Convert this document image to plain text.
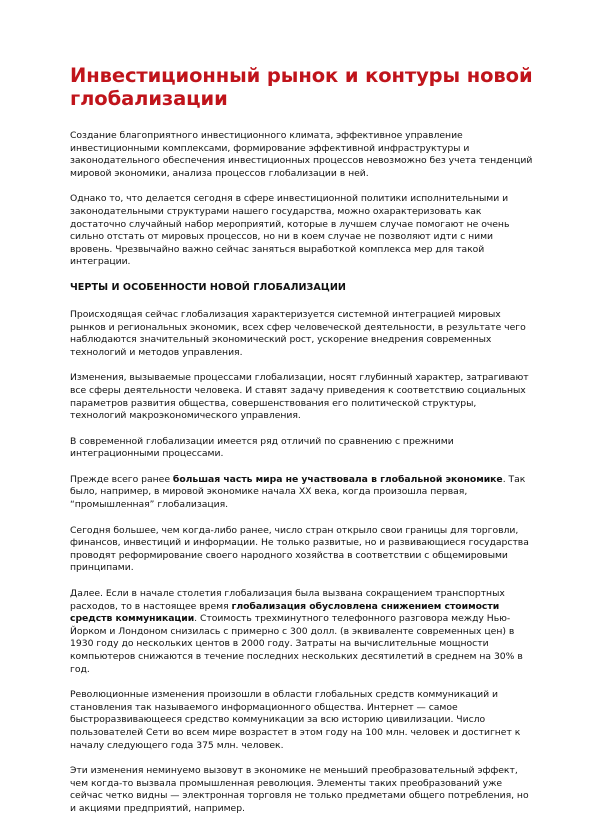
Инвестиционный рынок и контуры новой глобализации

Создание благоприятного инвестиционного климата, эффективное управление инвестиционными комплексами, формирование эффективной инфраструктуры и законодательного обеспечения инвестиционных процессов невозможно без учета тенденций мировой экономики, анализа процессов глобализации в ней.

Однако то, что делается сегодня в сфере инвестиционной политики исполнительными и законодательными структурами нашего государства, можно охарактеризовать как достаточно случайный набор мероприятий, которые в лучшем случае помогают не очень сильно отстать от мировых процессов, но ни в коем случае не позволяют идти с ними вровень. Чрезвычайно важно сейчас заняться выработкой комплекса мер для такой интеграции.

ЧЕРТЫ И ОСОБЕННОСТИ НОВОЙ ГЛОБАЛИЗАЦИИ

Происходящая сейчас глобализация характеризуется системной интеграцией мировых рынков и региональных экономик, всех сфер человеческой деятельности, в результате чего наблюдаются значительный экономический рост, ускорение внедрения современных технологий и методов управления.

Изменения, вызываемые процессами глобализации, носят глубинный характер, затрагивают все сферы деятельности человека. И ставят задачу приведения к соответствию социальных параметров развития общества, совершенствования его политической структуры, технологий макроэкономического управления.

В современной глобализации имеется ряд отличий по сравнению с прежними интеграционными процессами.

Прежде всего ранее большая часть мира не участвовала в глобальной экономике. Так было, например, в мировой экономике начала XX века, когда произошла первая, “промышленная” глобализация.

Сегодня большее, чем когда-либо ранее, число стран открыло свои границы для торговли, финансов, инвестиций и информации. Не только развитые, но и развивающиеся государства проводят реформирование своего народного хозяйства в соответствии с общемировыми принципами.

Далее. Если в начале столетия глобализация была вызвана сокращением транспортных расходов, то в настоящее время глобализация обусловлена снижением стоимости средств коммуникации. Стоимость трехминутного телефонного разговора между Нью-Йорком и Лондоном снизилась с примерно с 300 долл. (в эквиваленте современных цен) в 1930 году до нескольких центов в 2000 году. Затраты на вычислительные мощности компьютеров снижаются в течение последних нескольких десятилетий в среднем на 30% в год.

Революционные изменения произошли в области глобальных средств коммуникаций и становления так называемого информационного общества. Интернет — самое быстроразвивающееся средство коммуникации за всю историю цивилизации. Число пользователей Сети во всем мире возрастет в этом году на 100 млн. человек и достигнет к началу следующего года 375 млн. человек.

Эти изменения неминуемо вызовут в экономике не меньший преобразовательный эффект, чем когда-то вызвала промышленная революция. Элементы таких преобразований уже сейчас четко видны — электронная торговля не только предметами общего потребления, но и акциями предприятий, например.
